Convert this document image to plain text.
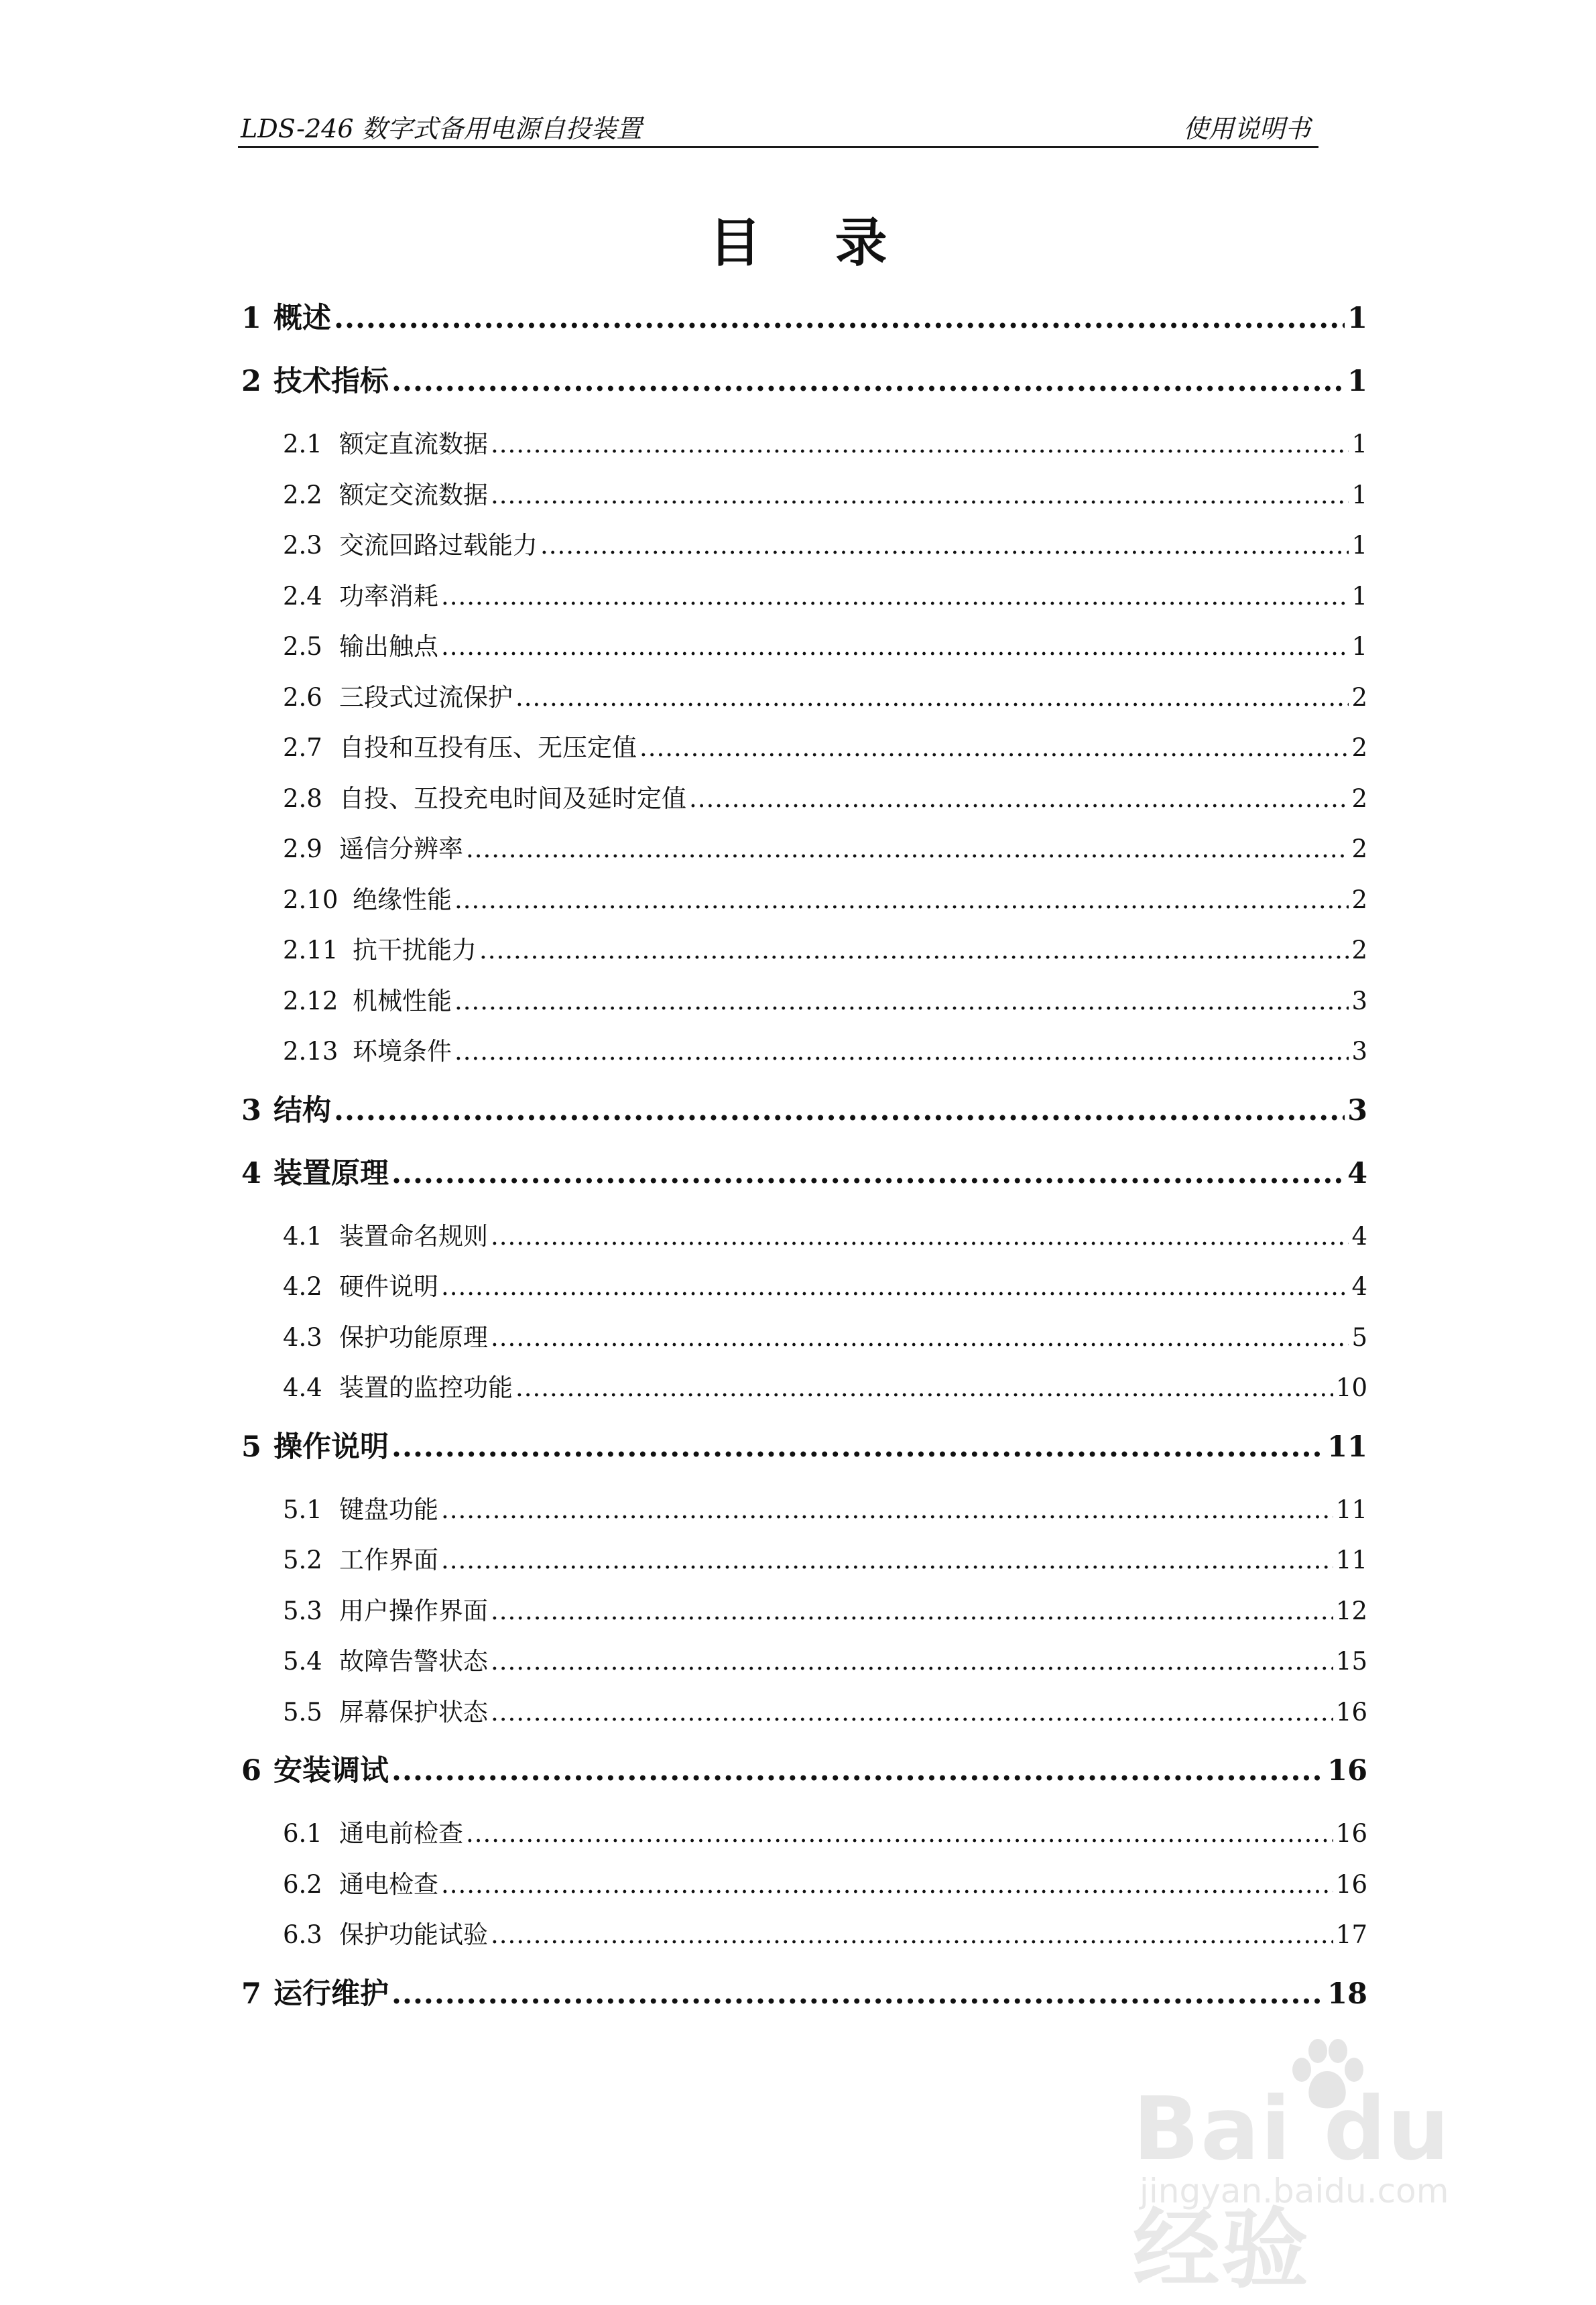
LDS-246 数字式备用电源自投装置	使用说明书
目录
1 概述 .....	1
2 技术指标 .....	1
2.1 额定直流数据 .....	1
2.2 额定交流数据 .....	1
2.3 交流回路过载能力 .....	1
2.4 功率消耗 .....	1
2.5 输出触点 .....	1
2.6 三段式过流保护 .....	2
2.7 自投和互投有压、无压定值 .....	2
2.8 自投、互投充电时间及延时定值 .....	2
2.9 遥信分辨率 .....	2
2.10 绝缘性能 .....	2
2.11 抗干扰能力 .....	2
2.12 机械性能 .....	3
2.13 环境条件 .....	3
3 结构 .....	3
4 装置原理 .....	4
4.1 装置命名规则 .....	4
4.2 硬件说明 .....	4
4.3 保护功能原理 .....	5
4.4 装置的监控功能 .....	10
5 操作说明 .....	11
5.1 键盘功能 .....	11
5.2 工作界面 .....	11
5.3 用户操作界面 .....	12
5.4 故障告警状态 .....	15
5.5 屏幕保护状态 .....	16
6 安装调试 .....	16
6.1 通电前检查 .....	16
6.2 通电检查 .....	16
6.3 保护功能试验 .....	17
7 运行维护 .....	18
Bai du 经验
jingyan.baidu.com
